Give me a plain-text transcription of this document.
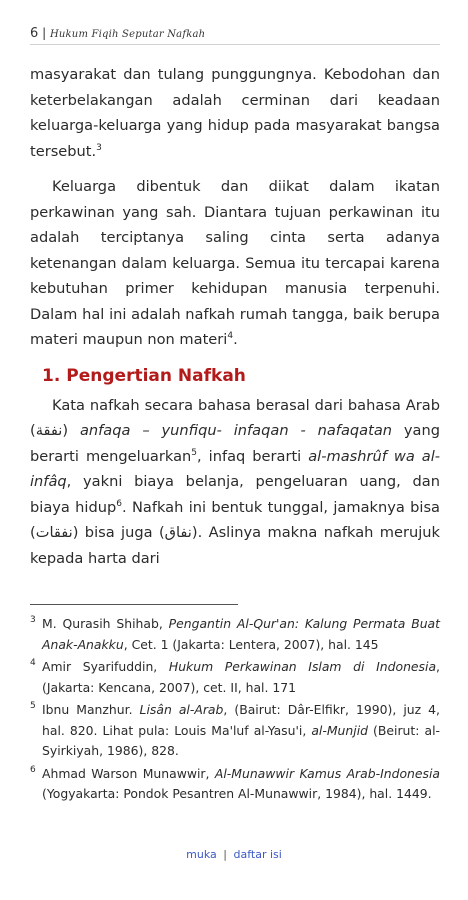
6 | Hukum Fiqih Seputar Nafkah

masyarakat dan tulang punggungnya. Kebodohan dan keterbelakangan adalah cerminan dari keadaan keluarga-keluarga yang hidup pada masyarakat bangsa tersebut.$^3$

Keluarga dibentuk dan diikat dalam ikatan perkawinan yang sah. Diantara tujuan perkawinan itu adalah terciptanya saling cinta serta adanya ketenangan dalam keluarga. Semua itu tercapai karena kebutuhan primer kehidupan manusia terpenuhi. Dalam hal ini adalah nafkah rumah tangga, baik berupa materi maupun non materi$^4$.

1. Pengertian Nafkah

Kata nafkah secara bahasa berasal dari bahasa Arab (نفقة) anfaqa – yunfiqu- infaqan - nafaqatan yang berarti mengeluarkan$^5$, infaq berarti al-mashrûf wa al-infâq, yakni biaya belanja, pengeluaran uang, dan biaya hidup$^6$. Nafkah ini bentuk tunggal, jamaknya bisa (نفقات) bisa juga (نفاق). Aslinya makna nafkah merujuk kepada harta dari

3 M. Qurasih Shihab, Pengantin Al-Qur'an: Kalung Permata Buat Anak-Anakku, Cet. 1 (Jakarta: Lentera, 2007), hal. 145
4 Amir Syarifuddin, Hukum Perkawinan Islam di Indonesia, (Jakarta: Kencana, 2007), cet. II, hal. 171
5 Ibnu Manzhur. Lisân al-Arab, (Bairut: Dâr-Elfikr, 1990), juz 4, hal. 820. Lihat pula: Louis Ma'luf al-Yasu'i, al-Munjid (Beirut: al-Syirkiyah, 1986), 828.
6 Ahmad Warson Munawwir, Al-Munawwir Kamus Arab-Indonesia (Yogyakarta: Pondok Pesantren Al-Munawwir, 1984), hal. 1449.
muka | daftar isi
